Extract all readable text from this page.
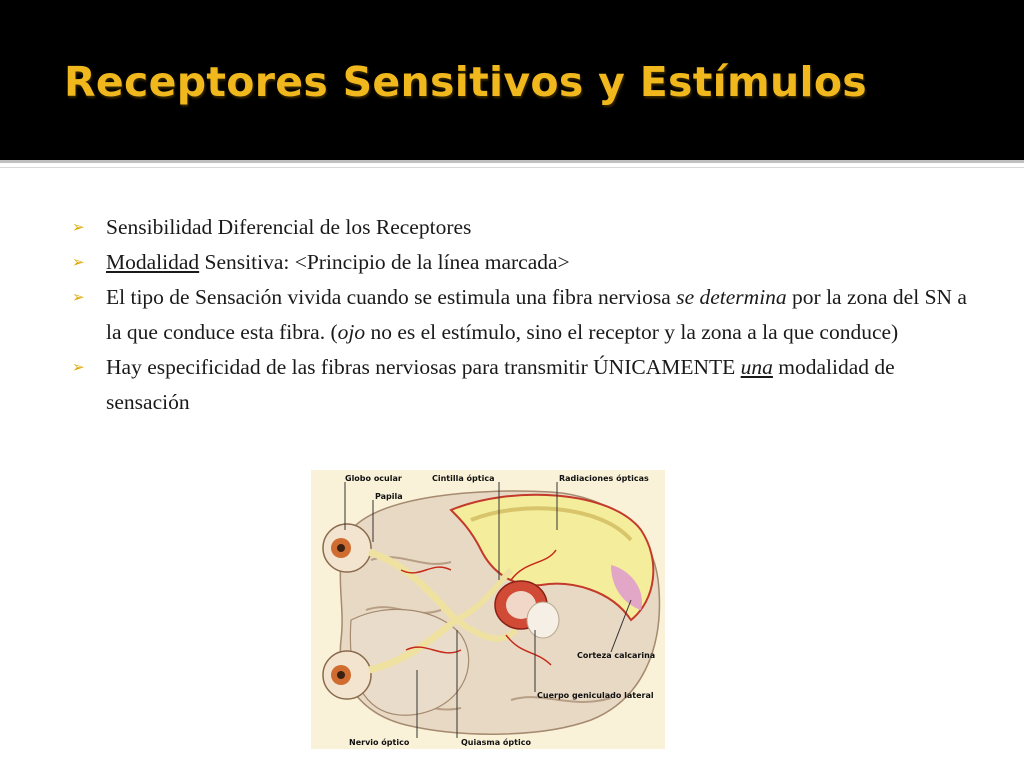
Receptores Sensitivos y Estímulos
➢ Sensibilidad Diferencial de los Receptores
➢ Modalidad Sensitiva: <Principio de la línea marcada>
➢ El tipo de Sensación vivida cuando se estimula una fibra nerviosa se determina por la zona del SN a la que conduce esta fibra. (ojo no es el estímulo, sino el receptor y la zona a la que conduce)
➢ Hay especificidad de las fibras nerviosas para transmitir ÚNICAMENTE una modalidad de sensación
Globo ocular
Papila
Cintilla óptica	Radiaciones ópticas
Corteza calcarina
Cuerpo geniculado lateral
Nervio óptico	Quiasma óptico
